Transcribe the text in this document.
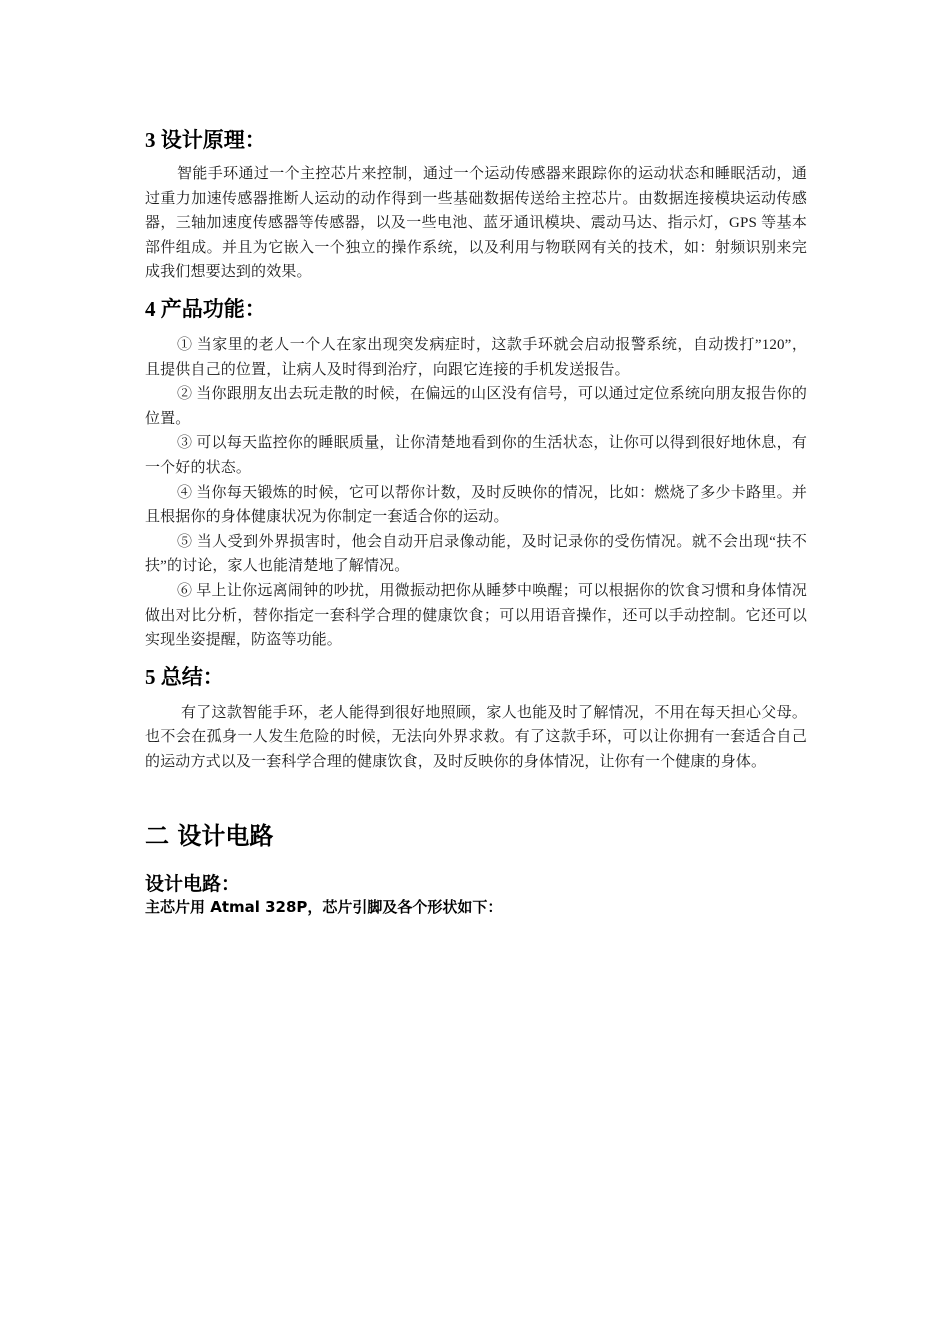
3 设计原理：

智能手环通过一个主控芯片来控制，通过一个运动传感器来跟踪你的运动状态和睡眠活动，通过重力加速传感器推断人运动的动作得到一些基础数据传送给主控芯片。由数据连接模块运动传感器，三轴加速度传感器等传感器，以及一些电池、蓝牙通讯模块、震动马达、指示灯，GPS 等基本部件组成。并且为它嵌入一个独立的操作系统，以及利用与物联网有关的技术，如：射频识别来完成我们想要达到的效果。

4 产品功能：

① 当家里的老人一个人在家出现突发病症时，这款手环就会启动报警系统，自动拨打”120”，且提供自己的位置，让病人及时得到治疗，向跟它连接的手机发送报告。

② 当你跟朋友出去玩走散的时候，在偏远的山区没有信号，可以通过定位系统向朋友报告你的位置。

③ 可以每天监控你的睡眠质量，让你清楚地看到你的生活状态，让你可以得到很好地休息，有一个好的状态。

④ 当你每天锻炼的时候，它可以帮你计数，及时反映你的情况，比如：燃烧了多少卡路里。并且根据你的身体健康状况为你制定一套适合你的运动。

⑤ 当人受到外界损害时，他会自动开启录像动能，及时记录你的受伤情况。就不会出现“扶不扶”的讨论，家人也能清楚地了解情况。

⑥ 早上让你远离闹钟的吵扰，用微振动把你从睡梦中唤醒；可以根据你的饮食习惯和身体情况做出对比分析，替你指定一套科学合理的健康饮食；可以用语音操作，还可以手动控制。它还可以实现坐姿提醒，防盗等功能。

5 总结：

有了这款智能手环，老人能得到很好地照顾，家人也能及时了解情况，不用在每天担心父母。也不会在孤身一人发生危险的时候，无法向外界求救。有了这款手环，可以让你拥有一套适合自己的运动方式以及一套科学合理的健康饮食，及时反映你的身体情况，让你有一个健康的身体。

二 设计电路
设计电路：

主芯片用 Atmal 328P，芯片引脚及各个形状如下：
